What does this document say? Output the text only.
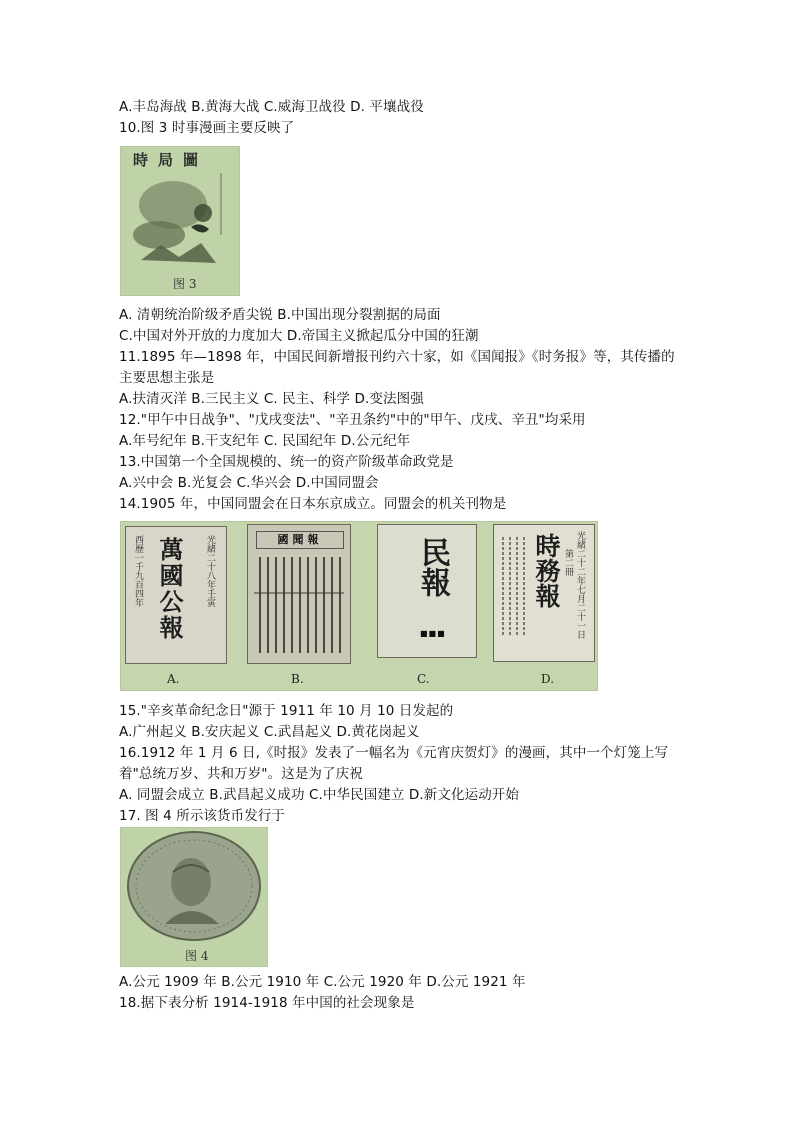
A.丰岛海战 B.黄海大战 C.威海卫战役 D. 平壤战役
10.图 3 时事漫画主要反映了
時局圖
图 3
A. 清朝统治阶级矛盾尖锐 B.中国出现分裂割据的局面
C.中国对外开放的力度加大 D.帝国主义掀起瓜分中国的狂潮
11.1895 年—1898 年，中国民间新增报刊约六十家，如《国闻报》《时务报》等，其传播的
主要思想主张是
A.扶清灭洋 B.三民主义 C. 民主、科学 D.变法图强
12."甲午中日战争"、"戊戌变法"、"辛丑条约"中的"甲午、戊戌、辛丑"均采用
A.年号纪年 B.干支纪年 C. 民国纪年 D.公元纪年
13.中国第一个全国规模的、统一的资产阶级革命政党是
A.兴中会 B.光复会 C.华兴会 D.中国同盟会
14.1905 年，中国同盟会在日本东京成立。同盟会的机关刊物是
萬國公報
西歷一千九百四年	光緒二十八年壬寅
A.
國聞報
B.
民報
■■■
C.
時務報	光緒二十二年七月二十一日
第二冊
D.
15."辛亥革命纪念日"源于 1911 年 10 月 10 日发起的
A.广州起义 B.安庆起义 C.武昌起义 D.黄花岗起义
16.1912 年 1 月 6 日,《时报》发表了一幅名为《元宵庆贺灯》的漫画，其中一个灯笼上写
着"总统万岁、共和万岁"。这是为了庆祝
A. 同盟会成立 B.武昌起义成功 C.中华民国建立 D.新文化运动开始
17. 图 4 所示该货币发行于
图 4
A.公元 1909 年 B.公元 1910 年 C.公元 1920 年 D.公元 1921 年
18.据下表分析 1914-1918 年中国的社会现象是
